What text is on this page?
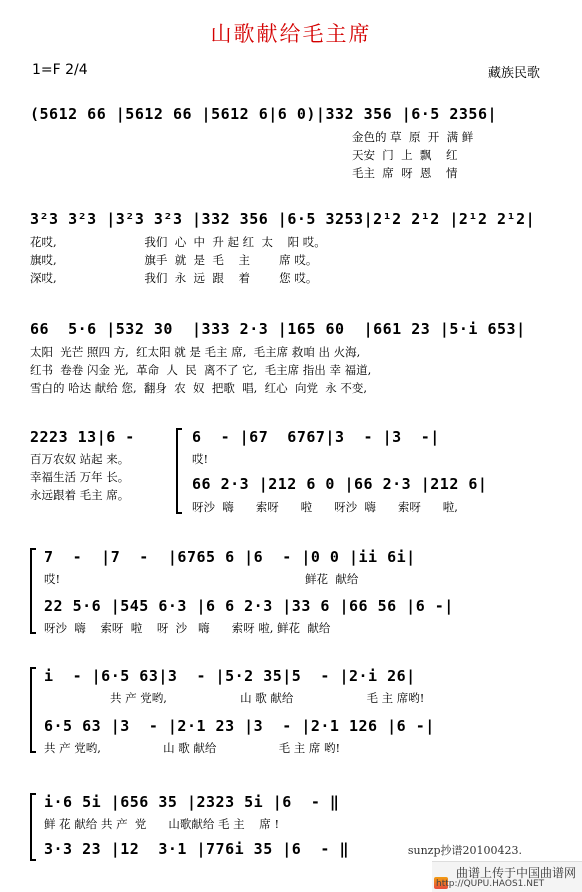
山歌献给毛主席
1=F 2/4	藏族民歌
(5612 66 |5612 66 |5612 6|6 0)|332 356 |6·5 2356|
金色的 草  原  开  满 鲜
天安  门  上  飘    红
毛主  席  呀  恩    情
3²3 3²3 |3²3 3²3 |332 356 |6·5 3253|2¹2 2¹2 |2¹2 2¹2|
花哎,                        我们  心  中  升 起 红  太    阳 哎。
旗哎,                        旗手  就  是  毛    主        席 哎。
深哎,                        我们  永  远  跟    着        您 哎。
66  5·6 |532 30  |333 2·3 |165 60  |661 23 |5·i 653|
太阳  光芒 照四 方,  红太阳 就 是 毛主 席,  毛主席 救咱 出 火海,
红书  卷卷 闪金 光,  革命  人  民  离不了 它,  毛主席 指出 幸 福道,
雪白的 哈达 献给 您,  翻身  农  奴  把歌  唱,  红心  向党  永 不变,
2223 13|6 -
百万农奴 站起 来。
幸福生活 万年 长。
永远跟着 毛主 席。
6  - |67  6767|3  - |3  -|
哎!
66 2·3 |212 6 0 |66 2·3 |212 6|
呀沙  嗨      索呀      啦      呀沙  嗨      索呀      啦,
7  -  |7  -  |6765 6 |6  - |0 0 |ii 6i|
哎!                                                                   鲜花  献给
22 5·6 |545 6·3 |6 6 2·3 |33 6 |66 56 |6 -|
呀沙  嗨    索呀  啦    呀  沙   嗨      索呀 啦, 鲜花  献给
i  - |6·5 63|3  - |5·2 35|5  - |2·i 26|
共 产 党哟,                    山 歌 献给                    毛 主 席哟!
6·5 63 |3  - |2·1 23 |3  - |2·1 126 |6 -|
共 产 党哟,                 山 歌 献给                 毛 主 席 哟!
i·6 5i |656 35 |2323 5i |6  - ‖
鲜 花 献给 共 产  党      山歌献给 毛 主    席 !
3·3 23 |12  3·1 |776i 35 |6  - ‖	sunzp抄谱20100423.
曲谱上传于中国曲谱网
http://QUPU.HAOS1.NET
